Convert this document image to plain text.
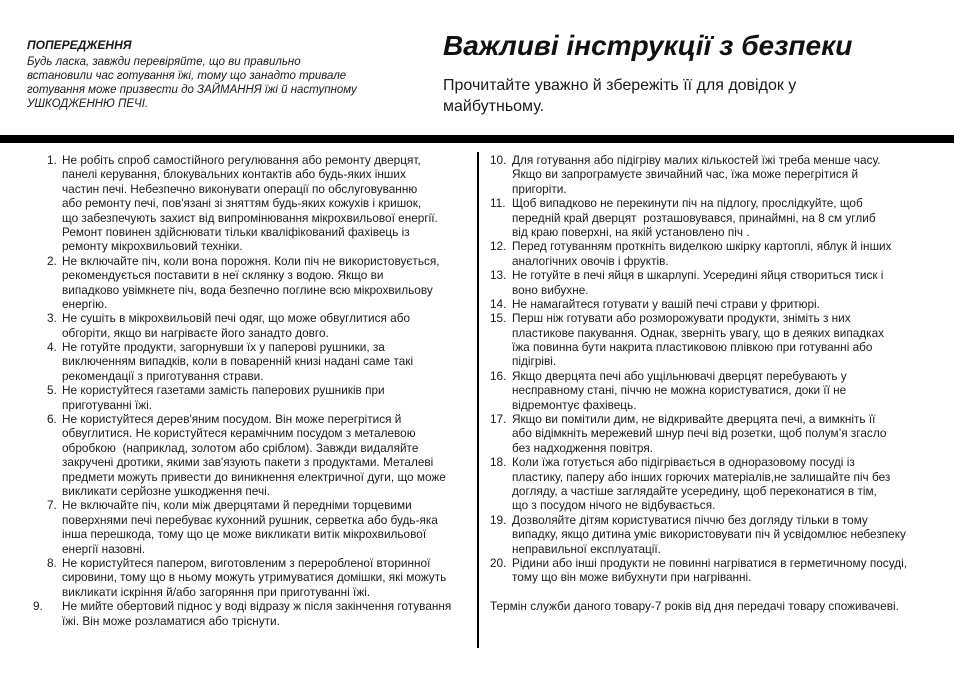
ПОПЕРЕДЖЕННЯ
Будь ласка, завжди перевіряйте, що ви правильно
встановили час готування їжі, тому що занадто тривале
готування може призвести до ЗАЙМАННЯ їжі й наступному
УШКОДЖЕННЮ ПЕЧІ.
Важливі інструкції з безпеки
Прочитайте уважно й збережіть її для довідок у
майбутньому.
1. Не робіть спроб самостійного регулювання або ремонту дверцят,
панелі керування, блокувальних контактів або будь-яких інших
частин печі. Небезпечно виконувати операції по обслуговуванню
або ремонту печі, пов'язані зі зняттям будь-яких кожухів і кришок,
що забезпечують захист від випромінювання мікрохвильової енергії.
Ремонт повинен здійснювати тільки кваліфікований фахівець із
ремонту мікрохвильовий техніки.
2. Не включайте піч, коли вона порожня. Коли піч не використовується,
рекомендується поставити в неї склянку з водою. Якщо ви
випадково увімкнете піч, вода безпечно поглине всю мікрохвильову
енергію.
3. Не сушіть в мікрохвильовій печі одяг, що може обвуглитися або
обгоріти, якщо ви нагріваєте його занадто довго.
4. Не готуйте продукти, загорнувши їх у паперові рушники, за
виключенням випадків, коли в поваренній книзі надані саме такі
рекомендації з приготування страви.
5. Не користуйтеся газетами замість паперових рушників при
приготуванні їжі.
6. Не користуйтеся дерев'яним посудом. Він може перегрітися й
обвуглитися. Не користуйтеся керамічним посудом з металевою
обробкою  (наприклад, золотом або сріблом). Завжди видаляйте
закручені дротики, якими зав'язують пакети з продуктами. Металеві
предмети можуть привести до виникнення електричної дуги, що може
викликати серйозне ушкодження печі.
7. Не включайте піч, коли між дверцятами й передніми торцевими
поверхнями печі перебуває кухонний рушник, серветка або будь-яка
інша перешкода, тому що це може викликати витік мікрохвильової
енергії назовні.
8. Не користуйтеся папером, виготовленим з переробленої вторинної
сировини, тому що в ньому можуть утримуватися домішки, які можуть
викликати іскріння й/або загоряння при приготуванні їжі.
9. Не мийте обертовий піднос у воді відразу ж після закінчення готування
їжі. Він може розламатися або тріснути.
10. Для готування або підігріву малих кількостей їжі треба менше часу.
Якщо ви запрограмуєте звичайний час, їжа може перегрітися й
пригоріти.
11. Щоб випадково не перекинути піч на підлогу, прослідкуйте, щоб
передній край дверцят  розташовувався, принаймні, на 8 см углиб
від краю поверхні, на якій установлено піч .
12. Перед готуванням проткніть виделкою шкірку картоплі, яблук й інших
аналогічних овочів і фруктів.
13. Не готуйте в печі яйця в шкарлупі. Усередині яйця створиться тиск і
воно вибухне.
14. Не намагайтеся готувати у вашій печі страви у фритюрі.
15. Перш ніж готувати або розморожувати продукти, зніміть з них
пластикове пакування. Однак, зверніть увагу, що в деяких випадках
їжа повинна бути накрита пластиковою плівкою при готуванні або
підігріві.
16. Якщо дверцята печі або ущільнювачі дверцят перебувають у
несправному стані, піччю не можна користуватися, доки її не
відремонтує фахівець.
17. Якщо ви помітили дим, не відкривайте дверцята печі, а вимкніть її
або відімкніть мережевий шнур печі від розетки, щоб полум’я згасло
без надходження повітря.
18. Коли їжа готується або підігрівається в одноразовому посуді із
пластику, паперу або інших горючих матеріалів,не залишайте піч без
догляду, а частіше заглядайте усередину, щоб переконатися в тім,
що з посудом нічого не відбувається.
19. Дозволяйте дітям користуватися піччю без догляду тільки в тому
випадку, якщо дитина уміє використовувати піч й усвідомлює небезпеку
неправильної експлуатації.
20. Рідини або інші продукти не повинні нагріватися в герметичному посуді,
тому що він може вибухнути при нагріванні.
Термін служби даного товару-7 років від дня передачі товару споживачеві.
